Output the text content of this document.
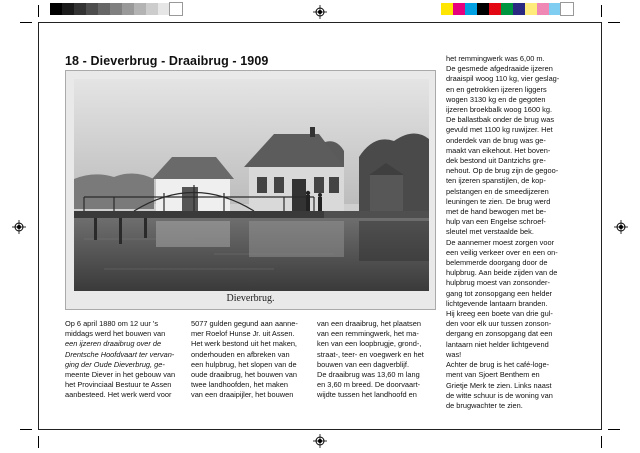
18 - Dieverbrug - Draaibrug - 1909
Dieverbrug.
Op 6 april 1880 om 12 uur 's
middags werd het bouwen van
een ijzeren draaibrug over de
Drentsche Hoofdvaart ter vervan-
ging der Oude Dieverbrug, ge-
meente Diever in het gebouw van
het Provinciaal Bestuur te Assen
aanbesteed. Het werk werd voor
5077 gulden gegund aan aanne-
mer Roelof Hunse Jr. uit Assen.
Het werk bestond uit het maken,
onderhouden en afbreken van
een hulpbrug, het slopen van de
oude draaibrug, het bouwen van
twee landhoofden, het maken
van een draaipijler, het bouwen
van een draaibrug, het plaatsen
van een remmingwerk, het ma-
ken van een loopbrugje, grond-,
straat-, teer- en voegwerk en het
bouwen van een dagverblijf.
De draaibrug was 13,60 m lang
en 3,60 m breed. De doorvaart-
wijdte tussen het landhoofd en
het remmingwerk was 6,00 m.
De gesmede afgedraaide ijzeren
draaispil woog 110 kg, vier geslag-
en en getrokken ijzeren liggers
wogen 3130 kg en de gegoten
ijzeren broekbalk woog 1600 kg.
De ballastbak onder de brug was
gevuld met 1100 kg ruwijzer. Het
onderdek van de brug was ge-
maakt van eikehout. Het boven-
dek bestond uit Dantzichs gre-
nehout. Op de brug zijn de gegoo-
ten ijzeren spanstijlen, de kop-
pelstangen en de smeedijzeren
leuningen te zien. De brug werd
met de hand bewogen met be-
hulp van een Engelse schroef-
sleutel met verstaalde bek.
De aannemer moest zorgen voor
een veilig verkeer over en een on-
belemmerde doorgang door de
hulpbrug. Aan beide zijden van de
hulpbrug moest van zonsonder-
gang tot zonsopgang een helder
lichtgevende lantaarn branden.
Hij kreeg een boete van drie gul-
den voor elk uur tussen zonson-
dergang en zonsopgang dat een
lantaarn niet helder lichtgevend
was!
Achter de brug is het café-loge-
ment van Sjoert Benthem en
Grietje Merk te zien. Links naast
de witte schuur is de woning van
de brugwachter te zien.
